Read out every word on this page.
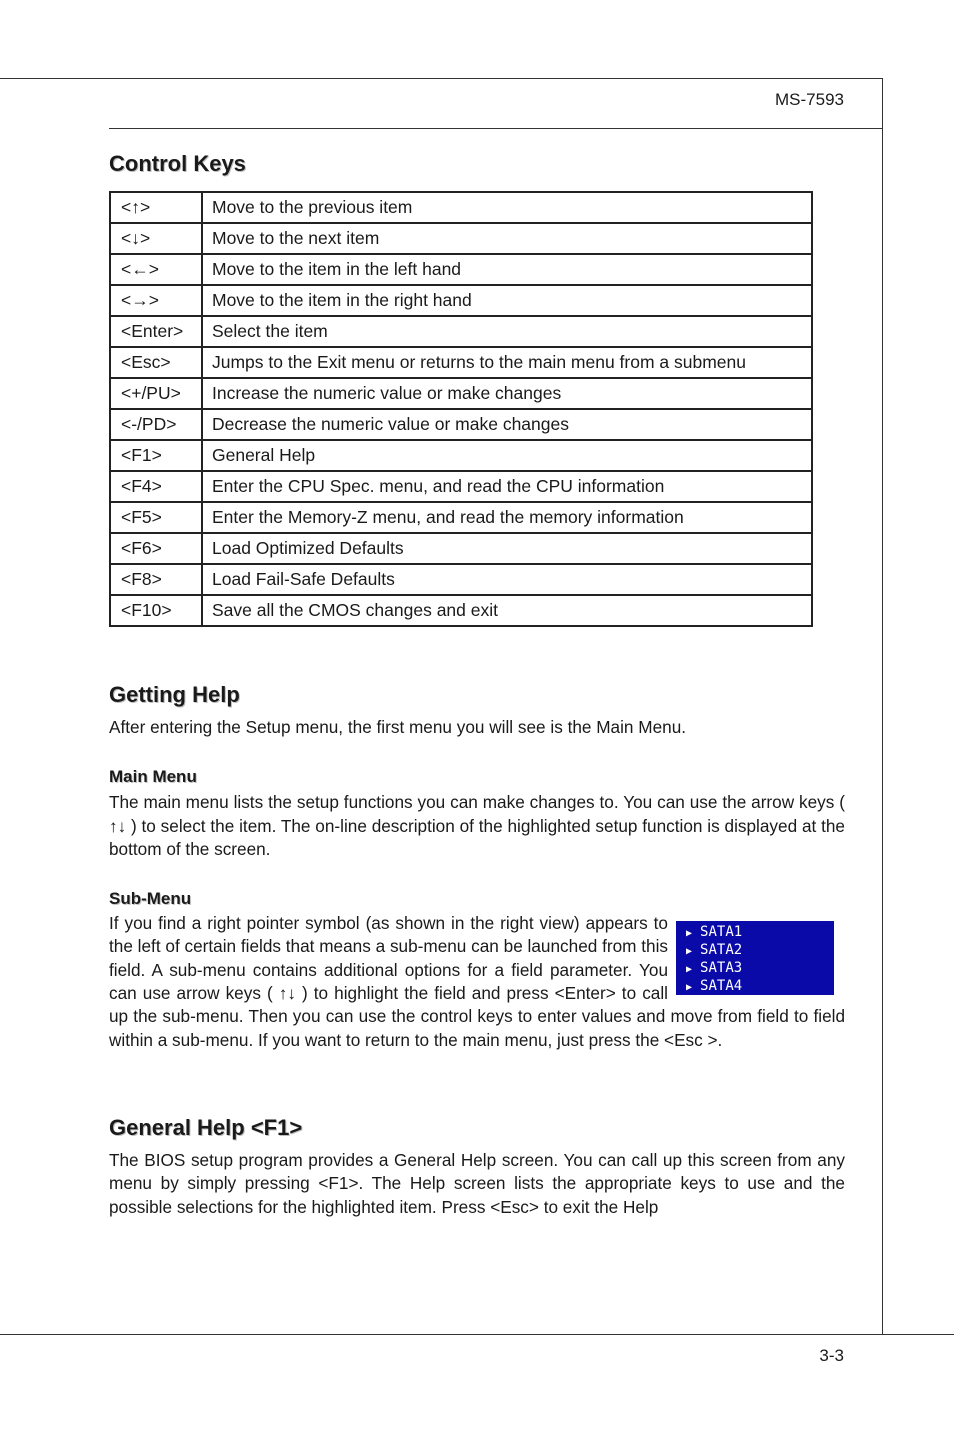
MS-7593
3-3
Control Keys
<↑>	Move to the previous item
<↓>	Move to the next item
<←>	Move to the item in the left hand
<→>	Move to the item in the right hand
<Enter>	Select the item
<Esc>	Jumps to the Exit menu or returns to the main menu from a submenu
<+/PU>	Increase the numeric value or make changes
<-/PD>	Decrease the numeric value or make changes
<F1>	General Help
<F4>	Enter the CPU Spec. menu, and read the CPU information
<F5>	Enter the Memory-Z menu, and read the memory information
<F6>	Load Optimized Defaults
<F8>	Load Fail-Safe Defaults
<F10>	Save all the CMOS changes and exit
Getting Help

After entering the Setup menu, the first menu you will see is the Main Menu.

Main Menu

The main menu lists the setup functions you can make changes to. You can use the arrow keys ( ↑↓ ) to select the item. The on-line description of the highlighted setup function is displayed at the bottom of the screen.

Sub-Menu
▶ SATA1
▶ SATA2
▶ SATA3
▶ SATA4

If you find a right pointer symbol (as shown in the right view) appears to the left of certain fields that means a sub-menu can be launched from this field. A sub-menu contains additional options for a field parameter. You can use arrow keys ( ↑↓ ) to highlight the field and press <Enter> to call up the sub-menu. Then you can use the control keys to enter values and move from field to field within a sub-menu. If you want to return to the main menu, just press the <Esc >.

General Help <F1>

The BIOS setup program provides a General Help screen. You can call up this screen from any menu by simply pressing <F1>. The Help screen lists the appropriate keys to use and the possible selections for the highlighted item. Press <Esc> to exit the Help
